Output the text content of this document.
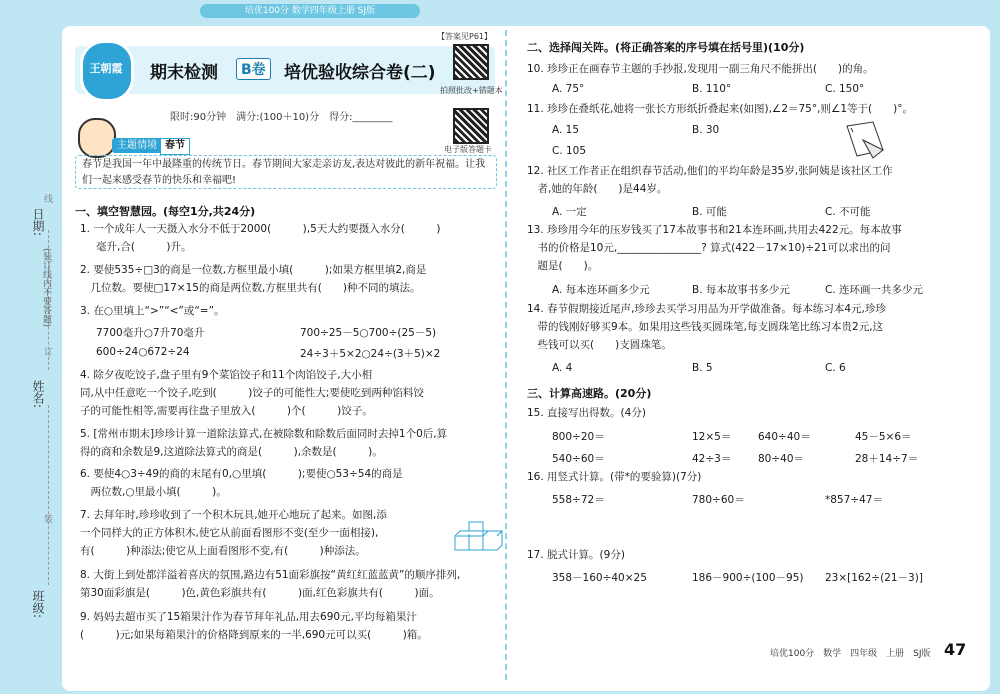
培优100分 数学四年级上册 SJ版
日期:
姓名:
班级:
(装订线内不要答题)
线
订
装
【答案见P61】
王朝霞	期末检测	B卷 培优验收综合卷(二)
拍照批改+错题本
电子版答题卡
限时:90分钟　满分:(100＋10)分　得分:________
主题情境 春节
春节是我国一年中最隆重的传统节日。春节期间大家走亲访友,表达对彼此的新年祝福。让我们一起来感受春节的快乐和幸福吧!
一、填空智慧园。(每空1分,共24分)
1. 一个成年人一天摄入水分不低于2000(　　　),5天大约要摄入水分(　　　)
毫升,合(　　　)升。
2. 要使535÷□3的商是一位数,方框里最小填(　　　);如果方框里填2,商是
　几位数。要使□17×15的商是两位数,方框里共有(　　)种不同的填法。
3. 在○里填上“>”“<”或“=”。
7700毫升○7升70毫升	700÷25－5○700÷(25－5)
600÷24○672÷24	24÷3＋5×2○24÷(3＋5)×2
4. 除夕夜吃饺子,盘子里有9个菜馅饺子和11个肉馅饺子,大小相
同,从中任意吃一个饺子,吃到(　　　)饺子的可能性大;要使吃到两种馅料饺
子的可能性相等,需要再往盘子里放入(　　　)个(　　　)饺子。
5. [常州市期末]珍珍计算一道除法算式,在被除数和除数后面同时去掉1个0后,算
得的商和余数是9,这道除法算式的商是(　　　),余数是(　　　)。
6. 要使4○3÷49的商的末尾有0,○里填(　　　);要使○53÷54的商是
　两位数,○里最小填(　　　)。
7. 去拜年时,珍珍收到了一个积木玩具,她开心地玩了起来。如图,添
一个同样大的正方体积木,使它从前面看图形不变(至少一面相接),
有(　　　)种添法;使它从上面看图形不变,有(　　　)种添法。
8. 大街上到处都洋溢着喜庆的氛围,路边有51面彩旗按“黄红红蓝蓝黄”的顺序排列,
第30面彩旗是(　　　)色,黄色彩旗共有(　　　)面,红色彩旗共有(　　　)面。
9. 妈妈去超市买了15箱果汁作为春节拜年礼品,用去690元,平均每箱果汁
(　　　)元;如果每箱果汁的价格降到原来的一半,690元可以买(　　　)箱。
二、选择闯关阵。(将正确答案的序号填在括号里)(10分)
10. 珍珍正在画春节主题的手抄报,发现用一副三角尺不能拼出(　　)的角。
A. 75°	B. 110°	C. 150°
11. 珍珍在叠纸花,她将一张长方形纸折叠起来(如图),∠2＝75°,则∠1等于(　　)°。
A. 15	B. 30
C. 105
12. 社区工作者正在组织春节活动,他们的平均年龄是35岁,张阿姨是该社区工作
　者,她的年龄(　　)是44岁。
A. 一定	B. 可能	C. 不可能
13. 珍珍用今年的压岁钱买了17本故事书和21本连环画,共用去422元。每本故事
　书的价格是10元,________________? 算式(422－17×10)÷21可以求出的问
　题是(　　)。
A. 每本连环画多少元	B. 每本故事书多少元	C. 连环画一共多少元
14. 春节假期接近尾声,珍珍去买学习用品为开学做准备。每本练习本4元,珍珍
　带的钱刚好够买9本。如果用这些钱买圆珠笔,每支圆珠笔比练习本贵2元,这
　些钱可以买(　　)支圆珠笔。
A. 4	B. 5	C. 6
三、计算高速路。(20分)
15. 直接写出得数。(4分)
800÷20＝	12×5＝	640÷40＝	45－5×6＝
540÷60＝	42÷3＝	80÷40＝	28＋14÷7＝
16. 用竖式计算。(带*的要验算)(7分)
558÷72＝	780÷60＝	*857÷47＝
17. 脱式计算。(9分)
358－160÷40×25	186－900÷(100－95) 23×[162÷(21－3)]
培优100分　数学　四年级　上册　SJ版 47
